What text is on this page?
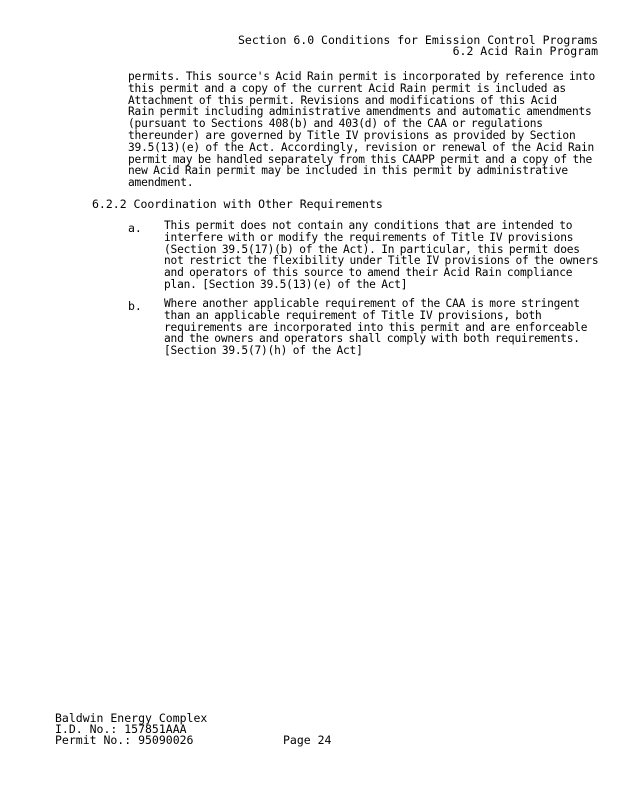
Section 6.0 Conditions for Emission Control Programs
6.2 Acid Rain Program
permits. This source's Acid Rain permit is incorporated by reference into
this permit and a copy of the current Acid Rain permit is included as
Attachment of this permit. Revisions and modifications of this Acid
Rain permit including administrative amendments and automatic amendments
(pursuant to Sections 408(b) and 403(d) of the CAA or regulations
thereunder) are governed by Title IV provisions as provided by Section
39.5(13)(e) of the Act. Accordingly, revision or renewal of the Acid Rain
permit may be handled separately from this CAAPP permit and a copy of the
new Acid Rain permit may be included in this permit by administrative
amendment.
6.2.2 Coordination with Other Requirements
a. This permit does not contain any conditions that are intended to
interfere with or modify the requirements of Title IV provisions
(Section 39.5(17)(b) of the Act). In particular, this permit does
not restrict the flexibility under Title IV provisions of the owners
and operators of this source to amend their Acid Rain compliance
plan. [Section 39.5(13)(e) of the Act]
b. Where another applicable requirement of the CAA is more stringent
than an applicable requirement of Title IV provisions, both
requirements are incorporated into this permit and are enforceable
and the owners and operators shall comply with both requirements.
[Section 39.5(7)(h) of the Act]
Baldwin Energy Complex
I.D. No.: 157851AAA
Permit No.: 95090026	Page 24
